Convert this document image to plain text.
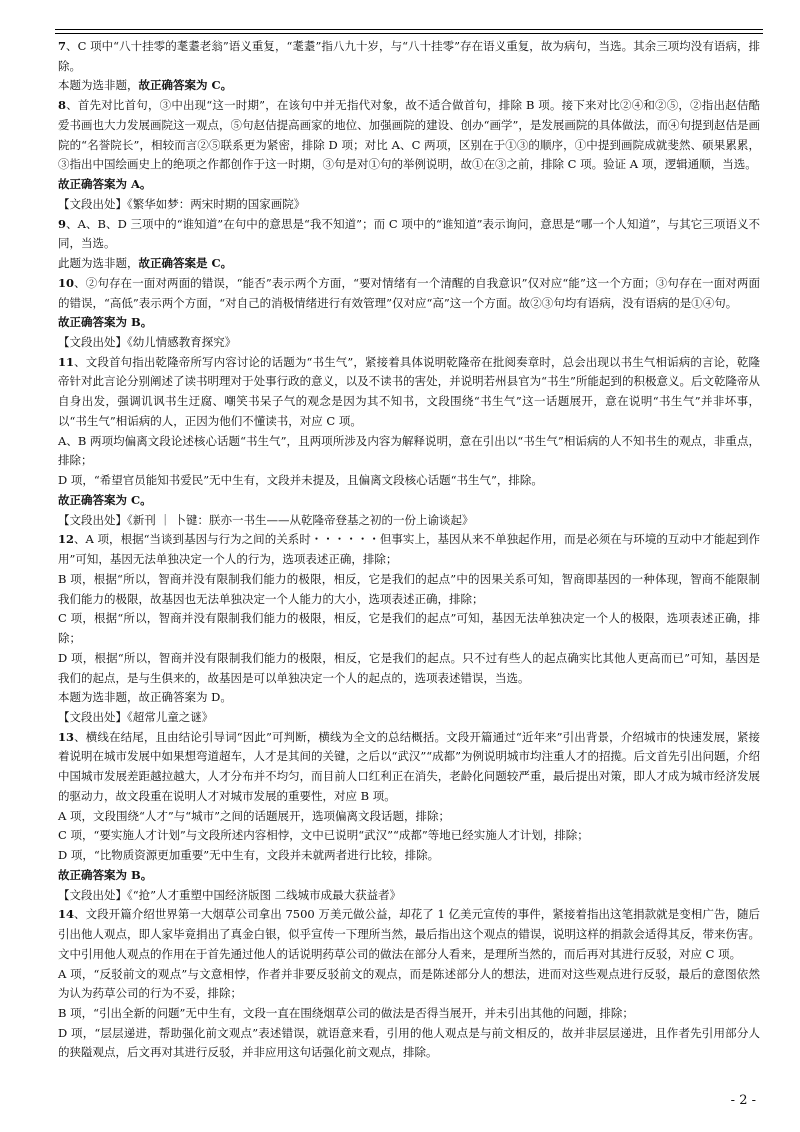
7、C 项中“八十挂零的耄耋老翁”语义重复，“耄耋”指八九十岁，与“八十挂零”存在语义重复，故为病句，当选。其余三项均没有语病，排除。

本题为选非题，故正确答案为 C。

8、首先对比首句，③中出现“这一时期”，在该句中并无指代对象，故不适合做首句，排除 B 项。接下来对比②④和②⑤，②指出赵佶酷爱书画也大力发展画院这一观点，⑤句赵佶提高画家的地位、加强画院的建设、创办“画学”，是发展画院的具体做法，而④句提到赵佶是画院的“名誉院长”，相较而言②⑤联系更为紧密，排除 D 项；对比 A、C 两项，区别在于①③的顺序，①中提到画院成就斐然、硕果累累，③指出中国绘画史上的绝项之作都创作于这一时期，③句是对①句的举例说明，故①在③之前，排除 C 项。验证 A 项，逻辑通顺，当选。

故正确答案为 A。

【文段出处】《繁华如梦：两宋时期的国家画院》

9、A、B、D 三项中的“谁知道”在句中的意思是“我不知道”；而 C 项中的“谁知道”表示询问，意思是“哪一个人知道”，与其它三项语义不同，当选。

此题为选非题，故正确答案是 C。

10、②句存在一面对两面的错误，“能否”表示两个方面，“要对情绪有一个清醒的自我意识”仅对应“能”这一个方面；③句存在一面对两面的错误，“高低”表示两个方面，“对自己的消极情绪进行有效管理”仅对应“高”这一个方面。故②③句均有语病，没有语病的是①④句。

故正确答案为 B。

【文段出处】《幼儿情感教育探究》

11、文段首句指出乾隆帝所写内容讨论的话题为“书生气”，紧接着具体说明乾隆帝在批阅奏章时，总会出现以书生气相诟病的言论，乾隆帝针对此言论分别阐述了读书明理对于处事行政的意义，以及不读书的害处，并说明若州县官为“书生”所能起到的积极意义。后文乾隆帝从自身出发，强调讥讽书生迂腐、嘲笑书呆子气的观念是因为其不知书，文段围绕“书生气”这一话题展开，意在说明“书生气”并非坏事，以“书生气”相诟病的人，正因为他们不懂读书，对应 C 项。

A、B 两项均偏离文段论述核心话题“书生气”，且两项所涉及内容为解释说明，意在引出以“书生气”相诟病的人不知书生的观点，非重点，排除；

D 项，“希望官员能知书爱民”无中生有，文段并未提及，且偏离文段核心话题“书生气”，排除。

故正确答案为 C。

【文段出处】《新刊 ｜ 卜键：朕亦一书生——从乾隆帝登基之初的一份上谕谈起》

12、A 项，根据“当谈到基因与行为之间的关系时・・・・・・但事实上，基因从来不单独起作用，而是必须在与环境的互动中才能起到作用”可知，基因无法单独决定一个人的行为，选项表述正确，排除；

B 项，根据“所以，智商并没有限制我们能力的极限，相反，它是我们的起点”中的因果关系可知，智商即基因的一种体现，智商不能限制我们能力的极限，故基因也无法单独决定一个人能力的大小，选项表述正确，排除；

C 项，根据“所以，智商并没有限制我们能力的极限，相反，它是我们的起点”可知，基因无法单独决定一个人的极限，选项表述正确，排除；

D 项，根据“所以，智商并没有限制我们能力的极限，相反，它是我们的起点。只不过有些人的起点确实比其他人更高而已”可知，基因是我们的起点，是与生俱来的，故基因是可以单独决定一个人的起点的，选项表述错误，当选。

本题为选非题，故正确答案为 D。

【文段出处】《超常儿童之谜》

13、横线在结尾，且由结论引导词“因此”可判断，横线为全文的总结概括。文段开篇通过“近年来”引出背景，介绍城市的快速发展，紧接着说明在城市发展中如果想弯道超车，人才是其间的关键，之后以“武汉”“成都”为例说明城市均注重人才的招揽。后文首先引出问题，介绍中国城市发展差距越拉越大，人才分布并不均匀，而目前人口红利正在消失，老龄化问题较严重，最后提出对策，即人才成为城市经济发展的驱动力，故文段重在说明人才对城市发展的重要性，对应 B 项。

A 项，文段围绕“人才”与“城市”之间的话题展开，选项偏离文段话题，排除；

C 项，“要实施人才计划”与文段所述内容相悖，文中已说明“武汉”“成都”等地已经实施人才计划，排除；

D 项，“比物质资源更加重要”无中生有，文段并未就两者进行比较，排除。

故正确答案为 B。

【文段出处】《“抢”人才重塑中国经济版图 二线城市成最大获益者》

14、文段开篇介绍世界第一大烟草公司拿出 7500 万美元做公益，却花了 1 亿美元宣传的事件，紧接着指出这笔捐款就是变相广告，随后引出他人观点，即人家毕竟捐出了真金白银，似乎宣传一下理所当然，最后指出这个观点的错误，说明这样的捐款会适得其反，带来伤害。文中引用他人观点的作用在于首先通过他人的话说明药草公司的做法在部分人看来，是理所当然的，而后再对其进行反驳，对应 C 项。

A 项，“反驳前文的观点”与文意相悖，作者并非要反驳前文的观点，而是陈述部分人的想法，进而对这些观点进行反驳，最后的意图依然为认为药草公司的行为不妥，排除；

B 项，“引出全新的问题”无中生有，文段一直在围绕烟草公司的做法是否得当展开，并未引出其他的问题，排除；

D 项，“层层递进，帮助强化前文观点”表述错误，就语意来看，引用的他人观点是与前文相反的，故并非层层递进，且作者先引用部分人的狭隘观点，后文再对其进行反驳，并非应用这句话强化前文观点，排除。

- 2 -
